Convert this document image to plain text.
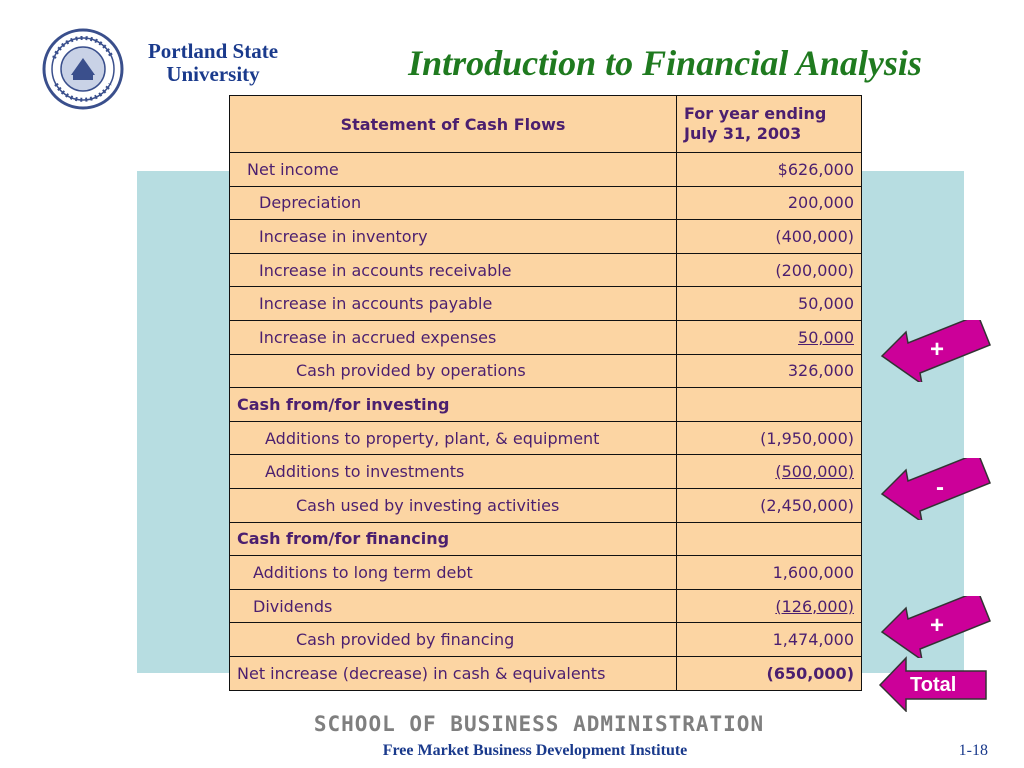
Portland State
University	Introduction to Financial Analysis
Statement of Cash Flows	For year ending
July 31, 2003

Net income	$626,000
Depreciation	200,000
Increase in inventory	(400,000)
Increase in accounts receivable	(200,000)
Increase in accounts payable	50,000
Increase in accrued expenses	50,000
Cash provided by operations	326,000
Cash from/for investing	
Additions to property, plant, & equipment	(1,950,000)
Additions to investments	(500,000)
Cash used by investing activities	(2,450,000)
Cash from/for financing	
Additions to long term debt	1,600,000
Dividends	(126,000)
Cash provided by financing	1,474,000
Net increase (decrease) in cash & equivalents	(650,000)
+
-
+
Total
SCHOOL OF BUSINESS ADMINISTRATION
Free Market Business Development Institute	1-18
